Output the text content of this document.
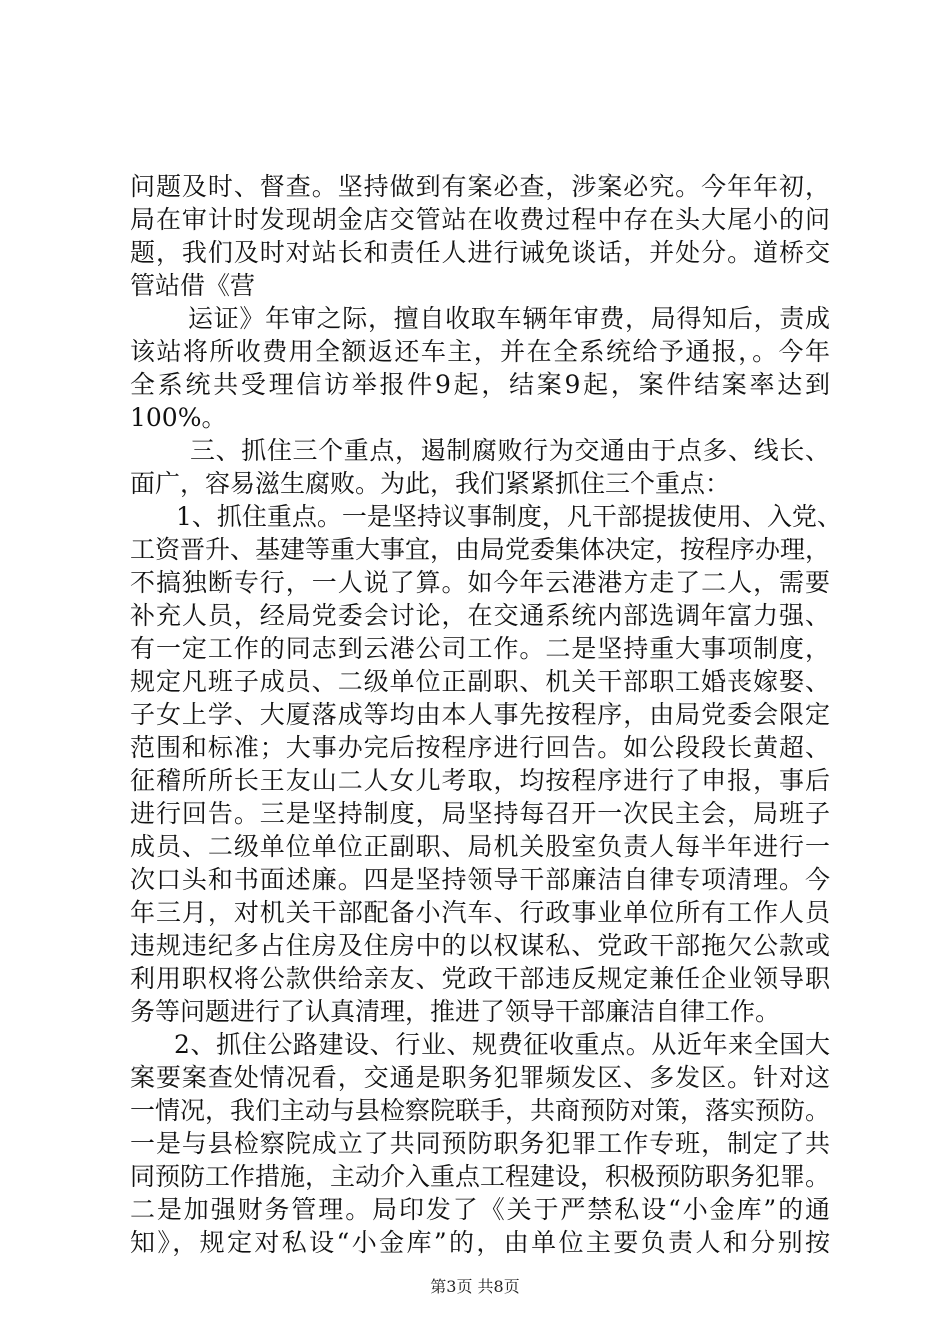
问题及时、督查。坚持做到有案必查，涉案必究。今年年初，
局在审计时发现胡金店交管站在收费过程中存在头大尾小的问
题，我们及时对站长和责任人进行诫免谈话，并处分。道桥交
管站借《营
运证》年审之际，擅自收取车辆年审费，局得知后，责成
该站将所收费用全额返还车主，并在全系统给予通报，。今年
全系统共受理信访举报件9起，结案9起，案件结案率达到
100%。
三、抓住三个重点，遏制腐败行为交通由于点多、线长、
面广，容易滋生腐败。为此，我们紧紧抓住三个重点：
1、抓住重点。一是坚持议事制度，凡干部提拔使用、入党、
工资晋升、基建等重大事宜，由局党委集体决定，按程序办理，
不搞独断专行，一人说了算。如今年云港港方走了二人，需要
补充人员，经局党委会讨论，在交通系统内部选调年富力强、
有一定工作的同志到云港公司工作。二是坚持重大事项制度，
规定凡班子成员、二级单位正副职、机关干部职工婚丧嫁娶、
子女上学、大厦落成等均由本人事先按程序，由局党委会限定
范围和标准；大事办完后按程序进行回告。如公段段长黄超、
征稽所所长王友山二人女儿考取，均按程序进行了申报，事后
进行回告。三是坚持制度，局坚持每召开一次民主会，局班子
成员、二级单位单位正副职、局机关股室负责人每半年进行一
次口头和书面述廉。四是坚持领导干部廉洁自律专项清理。今
年三月，对机关干部配备小汽车、行政事业单位所有工作人员
违规违纪多占住房及住房中的以权谋私、党政干部拖欠公款或
利用职权将公款供给亲友、党政干部违反规定兼任企业领导职
务等问题进行了认真清理，推进了领导干部廉洁自律工作。
2、抓住公路建设、行业、规费征收重点。从近年来全国大
案要案查处情况看，交通是职务犯罪频发区、多发区。针对这
一情况，我们主动与县检察院联手，共商预防对策，落实预防。
一是与县检察院成立了共同预防职务犯罪工作专班，制定了共
同预防工作措施，主动介入重点工程建设，积极预防职务犯罪。
二是加强财务管理。局印发了《关于严禁私设“小金库”的通
知》，规定对私设“小金库”的，由单位主要负责人和分别按
第3页 共8页
